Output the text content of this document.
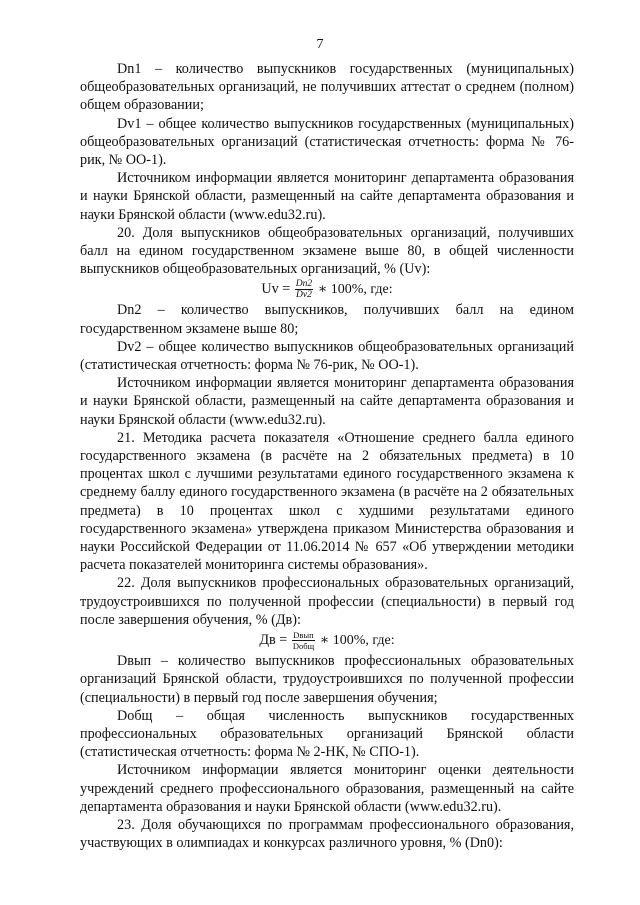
7

Dn1 – количество выпускников государственных (муниципальных) общеобразовательных организаций, не получивших аттестат о среднем (полном) общем образовании;

Dv1 – общее количество выпускников государственных (муниципальных) общеобразовательных организаций (статистическая отчетность: форма № 76-рик, № ОО-1).

Источником информации является мониторинг департамента образования и науки Брянской области, размещенный на сайте департамента образования и науки Брянской области (www.edu32.ru).

20. Доля выпускников общеобразовательных организаций, получивших балл на едином государственном экзамене выше 80, в общей численности выпускников общеобразовательных организаций, % (Uv):

$Uv = \frac{Dn2}{Dv2}$ ∗ 100%, где:

Dn2 – количество выпускников, получивших балл на едином государственном экзамене выше 80;

Dv2 – общее количество выпускников общеобразовательных организаций (статистическая отчетность: форма № 76-рик, № ОО-1).

Источником информации является мониторинг департамента образования и науки Брянской области, размещенный на сайте департамента образования и науки Брянской области (www.edu32.ru).

21. Методика расчета показателя «Отношение среднего балла единого государственного экзамена (в расчёте на 2 обязательных предмета) в 10 процентах школ с лучшими результатами единого государственного экзамена к среднему баллу единого государственного экзамена (в расчёте на 2 обязательных предмета) в 10 процентах школ с худшими результатами единого государственного экзамена» утверждена приказом Министерства образования и науки Российской Федерации от 11.06.2014 № 657 «Об утверждении методики расчета показателей мониторинга системы образования».

22. Доля выпускников профессиональных образовательных организаций, трудоустроившихся по полученной профессии (специальности) в первый год после завершения обучения, % (Дв):

Дв = $\frac{\text{Dвып}}{\text{Dобщ}}$ ∗ 100%, где:

Dвып – количество выпускников профессиональных образовательных организаций Брянской области, трудоустроившихся по полученной профессии (специальности) в первый год после завершения обучения;

Dобщ – общая численность выпускников государственных профессиональных образовательных организаций Брянской области (статистическая отчетность: форма № 2-НК, № СПО-1).

Источником информации является мониторинг оценки деятельности учреждений среднего профессионального образования, размещенный на сайте департамента образования и науки Брянской области (www.edu32.ru).

23. Доля обучающихся по программам профессионального образования, участвующих в олимпиадах и конкурсах различного уровня, % (Dn0):
